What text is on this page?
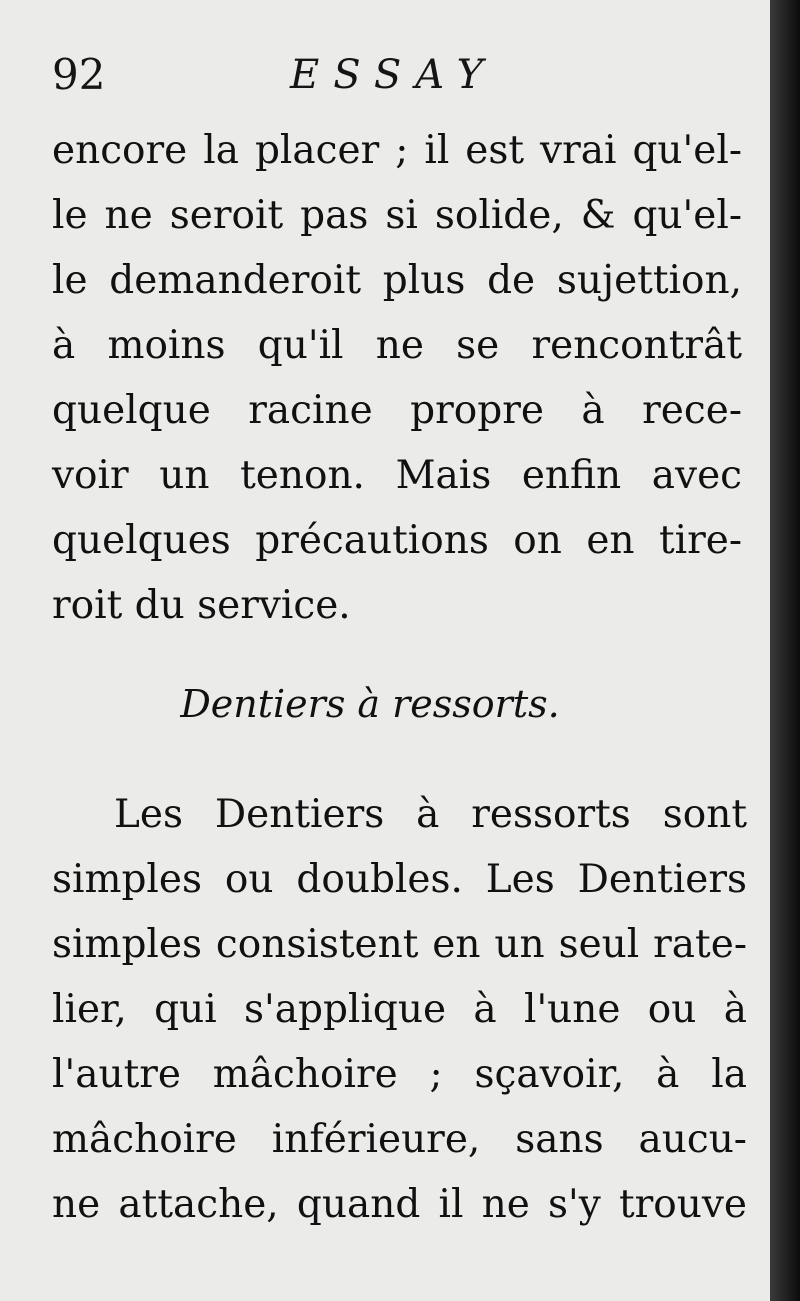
92	ESSAY
encore la placer ; il est vrai qu'el-
le ne seroit pas si solide, & qu'el-
le demanderoit plus de sujettion,
à moins qu'il ne se rencontrât
quelque racine propre à rece-
voir un tenon. Mais enfin avec
quelques précautions on en tire-
roit du service.
Dentiers à ressorts.
Les Dentiers à ressorts sont
simples ou doubles. Les Dentiers
simples consistent en un seul rate-
lier, qui s'applique à l'une ou à
l'autre mâchoire ; sçavoir, à la
mâchoire inférieure, sans aucu-
ne attache, quand il ne s'y trouve
